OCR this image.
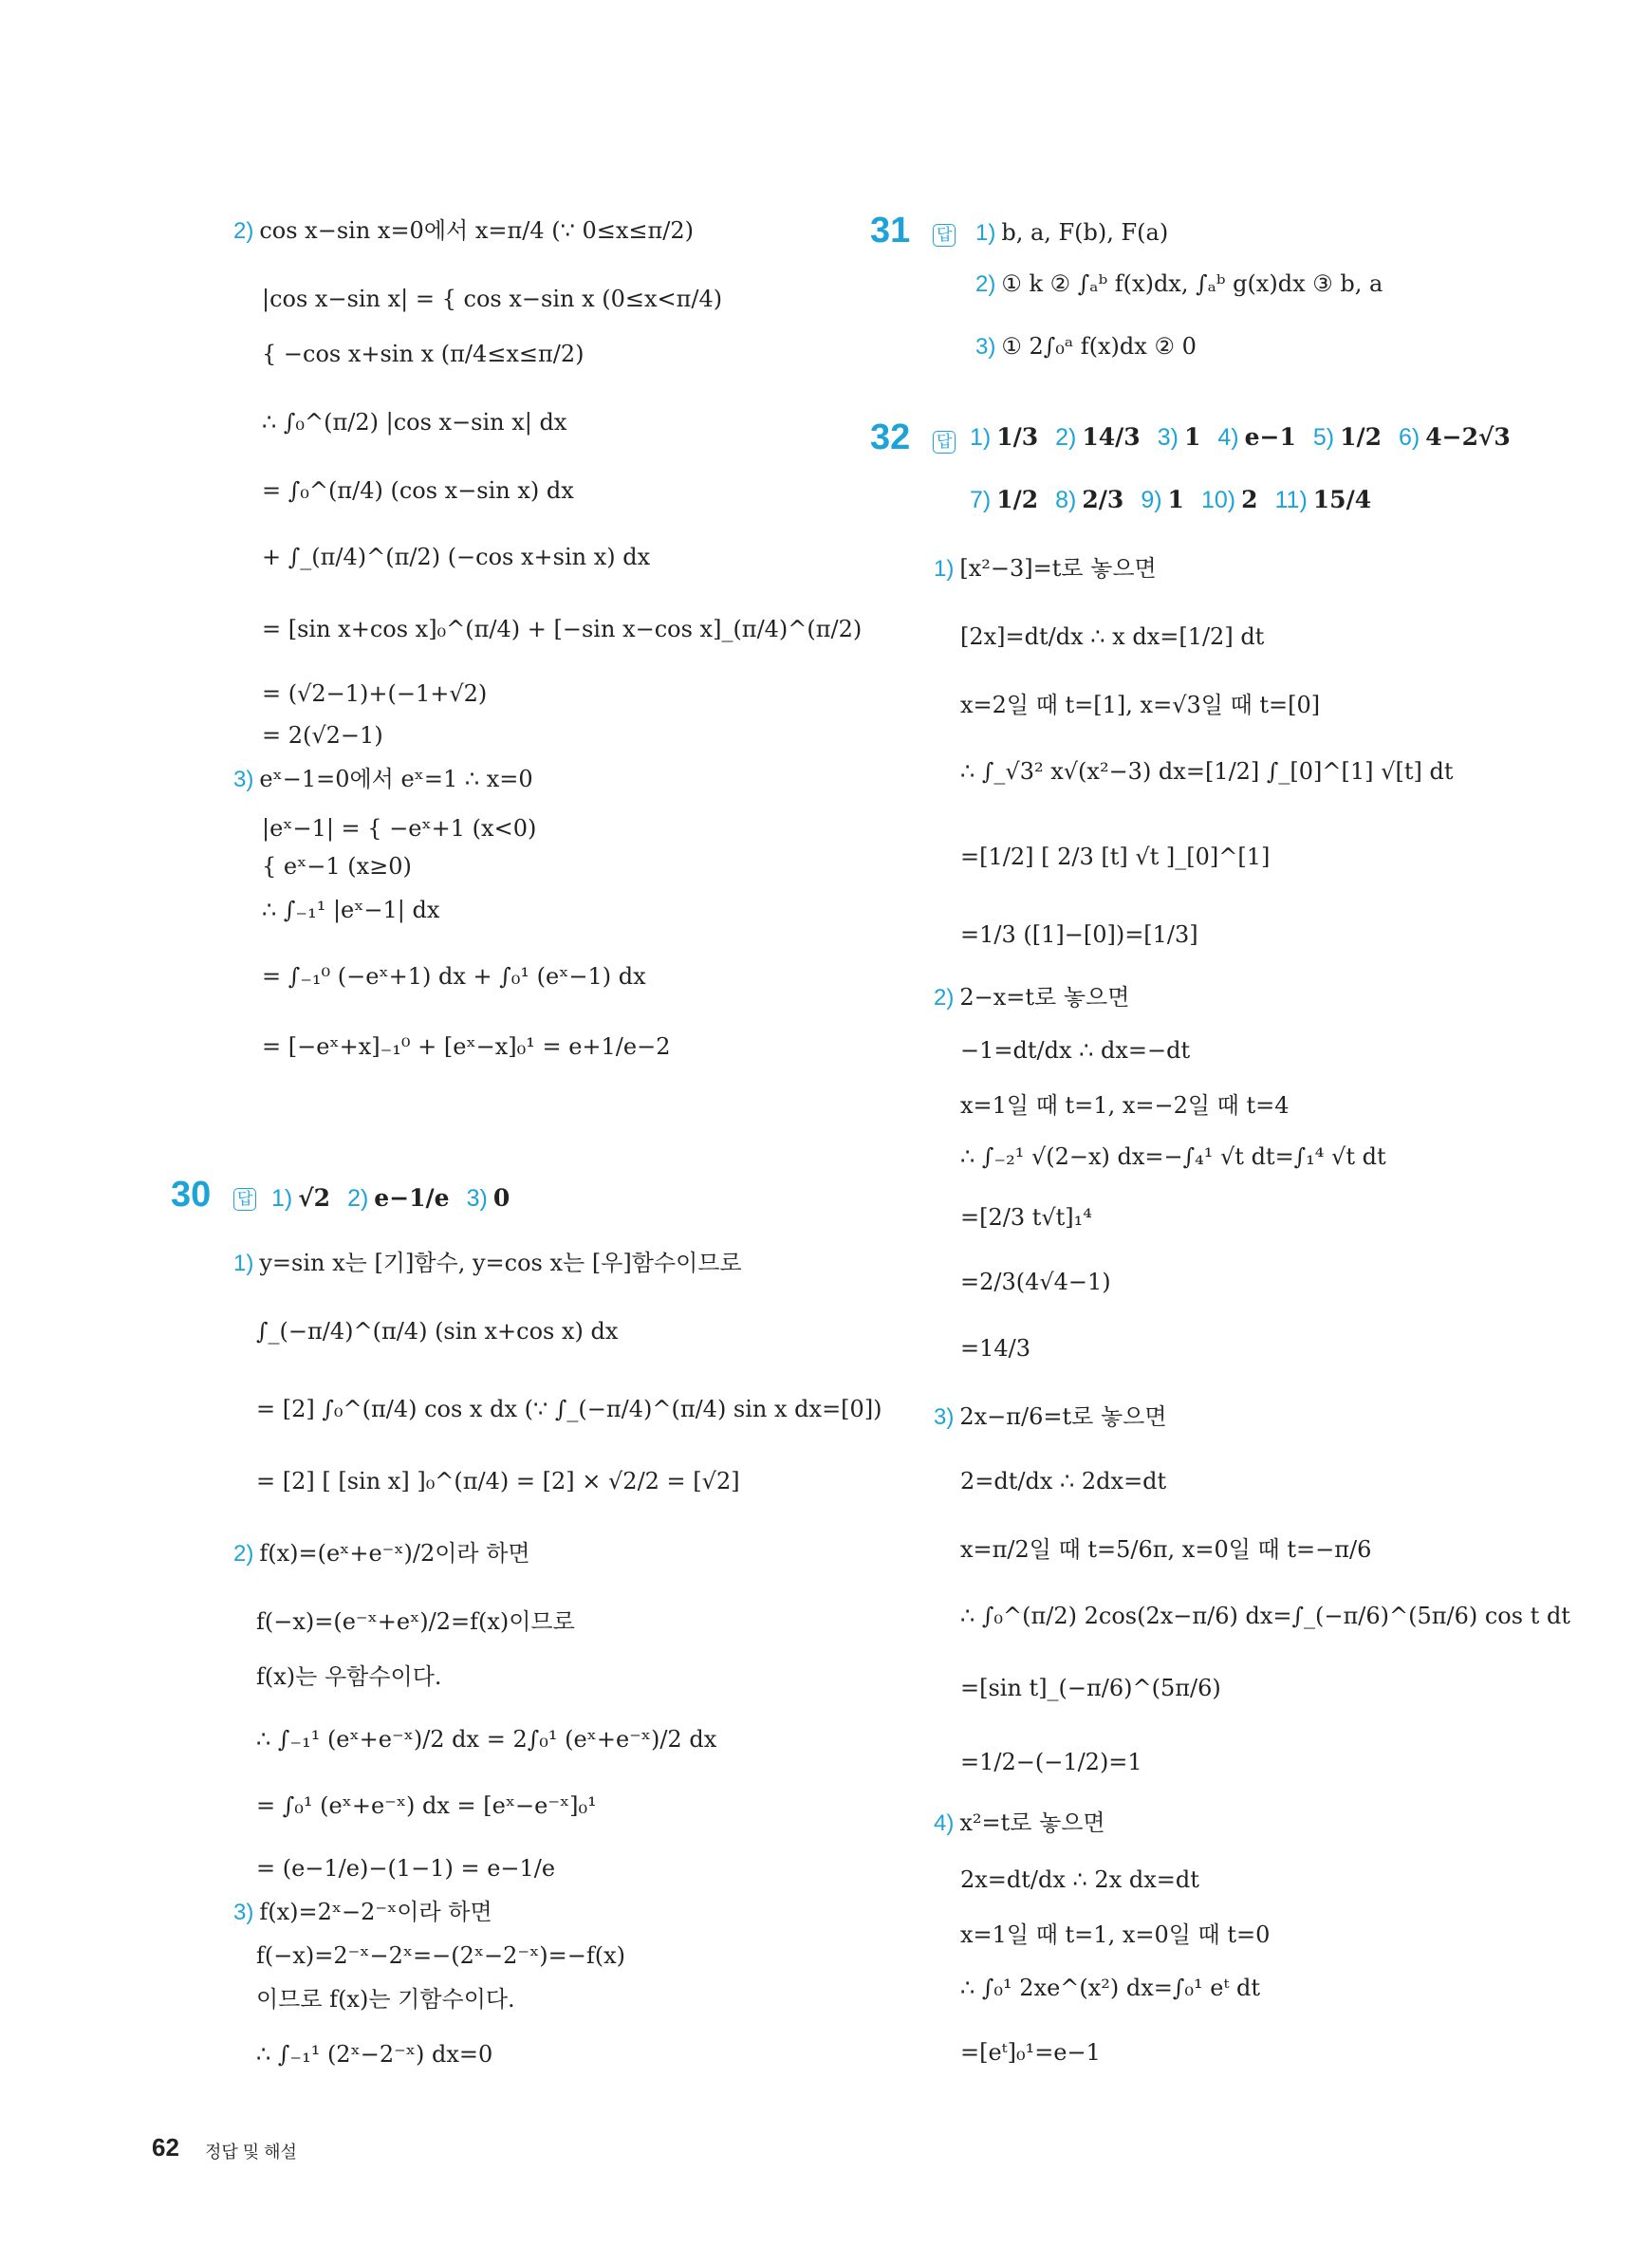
2) cos x−sin x=0에서 x=π/4 (∵ 0≤x≤π/2)
|cos x−sin x| = { cos x−sin x (0≤x<π/4)
{ −cos x+sin x (π/4≤x≤π/2)
∴ ∫₀^(π/2) |cos x−sin x| dx
= ∫₀^(π/4) (cos x−sin x) dx
+ ∫_(π/4)^(π/2) (−cos x+sin x) dx
= [sin x+cos x]₀^(π/4) + [−sin x−cos x]_(π/4)^(π/2)
= (√2−1)+(−1+√2)
= 2(√2−1)
3) eˣ−1=0에서 eˣ=1 ∴ x=0
|eˣ−1| = { −eˣ+1 (x<0)
{ eˣ−1 (x≥0)
∴ ∫₋₁¹ |eˣ−1| dx
= ∫₋₁⁰ (−eˣ+1) dx + ∫₀¹ (eˣ−1) dx
= [−eˣ+x]₋₁⁰ + [eˣ−x]₀¹ = e+1/e−2
30 답 1) √2 2) e−1/e 3) 0
1) y=sin x는 [기]함수, y=cos x는 [우]함수이므로
∫_(−π/4)^(π/4) (sin x+cos x) dx
= [2] ∫₀^(π/4) cos x dx (∵ ∫_(−π/4)^(π/4) sin x dx=[0])
= [2] [ [sin x] ]₀^(π/4) = [2] × √2/2 = [√2]
2) f(x)=(eˣ+e⁻ˣ)/2이라 하면
f(−x)=(e⁻ˣ+eˣ)/2=f(x)이므로
f(x)는 우함수이다.
∴ ∫₋₁¹ (eˣ+e⁻ˣ)/2 dx = 2∫₀¹ (eˣ+e⁻ˣ)/2 dx
= ∫₀¹ (eˣ+e⁻ˣ) dx = [eˣ−e⁻ˣ]₀¹
= (e−1/e)−(1−1) = e−1/e
3) f(x)=2ˣ−2⁻ˣ이라 하면
f(−x)=2⁻ˣ−2ˣ=−(2ˣ−2⁻ˣ)=−f(x)
이므로 f(x)는 기함수이다.
∴ ∫₋₁¹ (2ˣ−2⁻ˣ) dx=0
31 답 1) b, a, F(b), F(a)
2) ① k ② ∫ₐᵇ f(x)dx, ∫ₐᵇ g(x)dx ③ b, a
3) ① 2∫₀ᵃ f(x)dx ② 0
32 답 1) 1/3 2) 14/3 3) 1 4) e−1 5) 1/2 6) 4−2√3
7) 1/2 8) 2/3 9) 1 10) 2 11) 15/4
1) [x²−3]=t로 놓으면
[2x]=dt/dx ∴ x dx=[1/2] dt
x=2일 때 t=[1], x=√3일 때 t=[0]
∴ ∫_√3² x√(x²−3) dx=[1/2] ∫_[0]^[1] √[t] dt
=[1/2] [ 2/3 [t] √t ]_[0]^[1]
=1/3 ([1]−[0])=[1/3]
2) 2−x=t로 놓으면
−1=dt/dx ∴ dx=−dt
x=1일 때 t=1, x=−2일 때 t=4
∴ ∫₋₂¹ √(2−x) dx=−∫₄¹ √t dt=∫₁⁴ √t dt
=[2/3 t√t]₁⁴
=2/3(4√4−1)
=14/3
3) 2x−π/6=t로 놓으면
2=dt/dx ∴ 2dx=dt
x=π/2일 때 t=5/6π, x=0일 때 t=−π/6
∴ ∫₀^(π/2) 2cos(2x−π/6) dx=∫_(−π/6)^(5π/6) cos t dt
=[sin t]_(−π/6)^(5π/6)
=1/2−(−1/2)=1
4) x²=t로 놓으면
2x=dt/dx ∴ 2x dx=dt
x=1일 때 t=1, x=0일 때 t=0
∴ ∫₀¹ 2xe^(x²) dx=∫₀¹ eᵗ dt
=[eᵗ]₀¹=e−1
62 정답 및 해설
